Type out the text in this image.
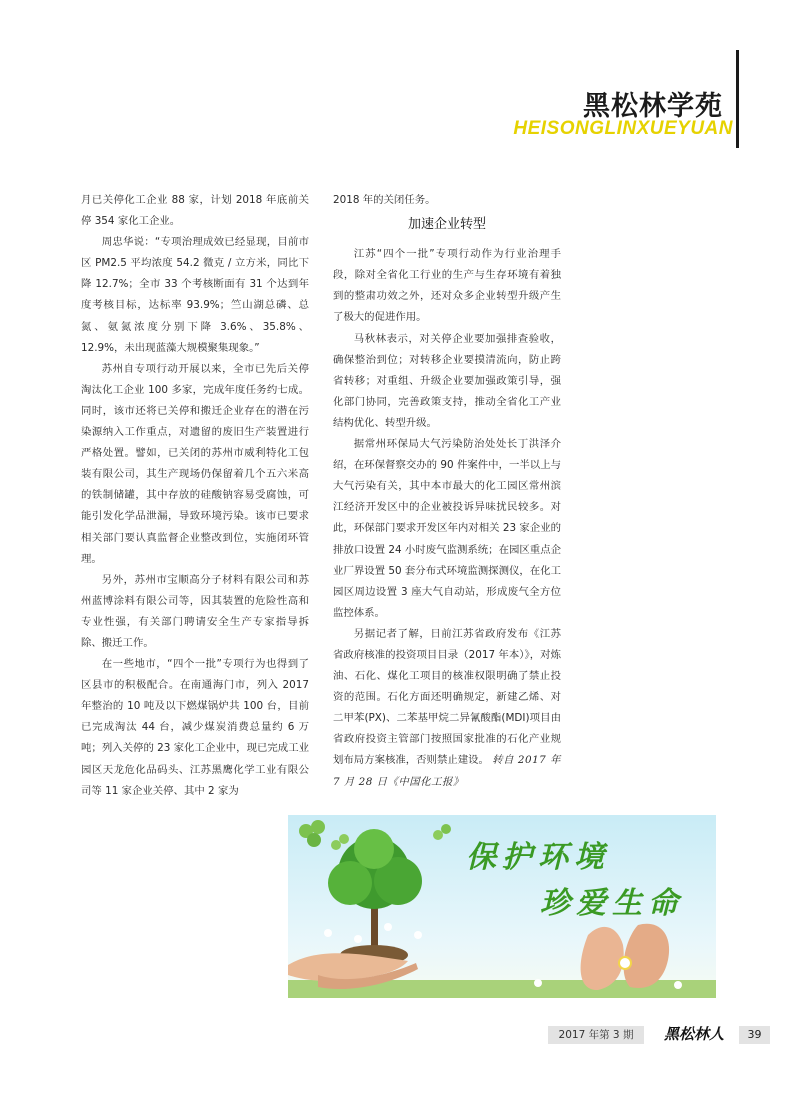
黑松林学苑
HEISONGLINXUEYUAN

月已关停化工企业 88 家，计划 2018 年底前关停 354 家化工企业。

周忠华说：“专项治理成效已经显现，目前市区 PM2.5 平均浓度 54.2 微克 / 立方米，同比下降 12.7%；全市 33 个考核断面有 31 个达到年度考核目标，达标率 93.9%；竺山湖总磷、总氮、氨氮浓度分别下降 3.6%、35.8%、12.9%，未出现蓝藻大规模聚集现象。”

苏州自专项行动开展以来，全市已先后关停淘汰化工企业 100 多家，完成年度任务约七成。同时，该市还将已关停和搬迁企业存在的潜在污染源纳入工作重点，对遗留的废旧生产装置进行严格处置。譬如，已关闭的苏州市威利特化工包装有限公司，其生产现场仍保留着几个五六米高的铁制储罐，其中存放的硅酸钠容易受腐蚀，可能引发化学品泄漏，导致环境污染。该市已要求相关部门要认真监督企业整改到位，实施闭环管理。

另外，苏州市宝顺高分子材料有限公司和苏州蓝博涂料有限公司等，因其装置的危险性高和专业性强，有关部门聘请安全生产专家指导拆除、搬迁工作。

在一些地市，“四个一批”专项行为也得到了区县市的积极配合。在南通海门市，列入 2017 年整治的 10 吨及以下燃煤锅炉共 100 台，目前已完成淘汰 44 台，减少煤炭消费总量约 6 万吨；列入关停的 23 家化工企业中，现已完成工业园区天龙危化品码头、江苏黑鹰化学工业有限公司等 11 家企业关停、其中 2 家为

2018 年的关闭任务。

加速企业转型

江苏“四个一批”专项行动作为行业治理手段，除对全省化工行业的生产与生存环境有着独到的整肃功效之外，还对众多企业转型升级产生了极大的促进作用。

马秋林表示，对关停企业要加强排查验收，确保整治到位；对转移企业要摸清流向，防止跨省转移；对重组、升级企业要加强政策引导，强化部门协同，完善政策支持，推动全省化工产业结构优化、转型升级。

据常州环保局大气污染防治处处长丁洪泽介绍，在环保督察交办的 90 件案件中，一半以上与大气污染有关，其中本市最大的化工园区常州滨江经济开发区中的企业被投诉异味扰民较多。对此，环保部门要求开发区年内对相关 23 家企业的排放口设置 24 小时废气监测系统；在园区重点企业厂界设置 50 套分布式环境监测探测仪，在化工园区周边设置 3 座大气自动站，形成废气全方位监控体系。

另据记者了解，日前江苏省政府发布《江苏省政府核准的投资项目目录（2017 年本）》，对炼油、石化、煤化工项目的核准权限明确了禁止投资的范围。石化方面还明确规定，新建乙烯、对二甲苯(PX)、二苯基甲烷二异氰酸酯(MDI)项目由省政府投资主管部门按照国家批准的石化产业规划布局方案核准，否则禁止建设。 转自 2017 年 7 月 28 日《中国化工报》

保护环境
珍爱生命
2017 年第 3 期	黑松林人	39
